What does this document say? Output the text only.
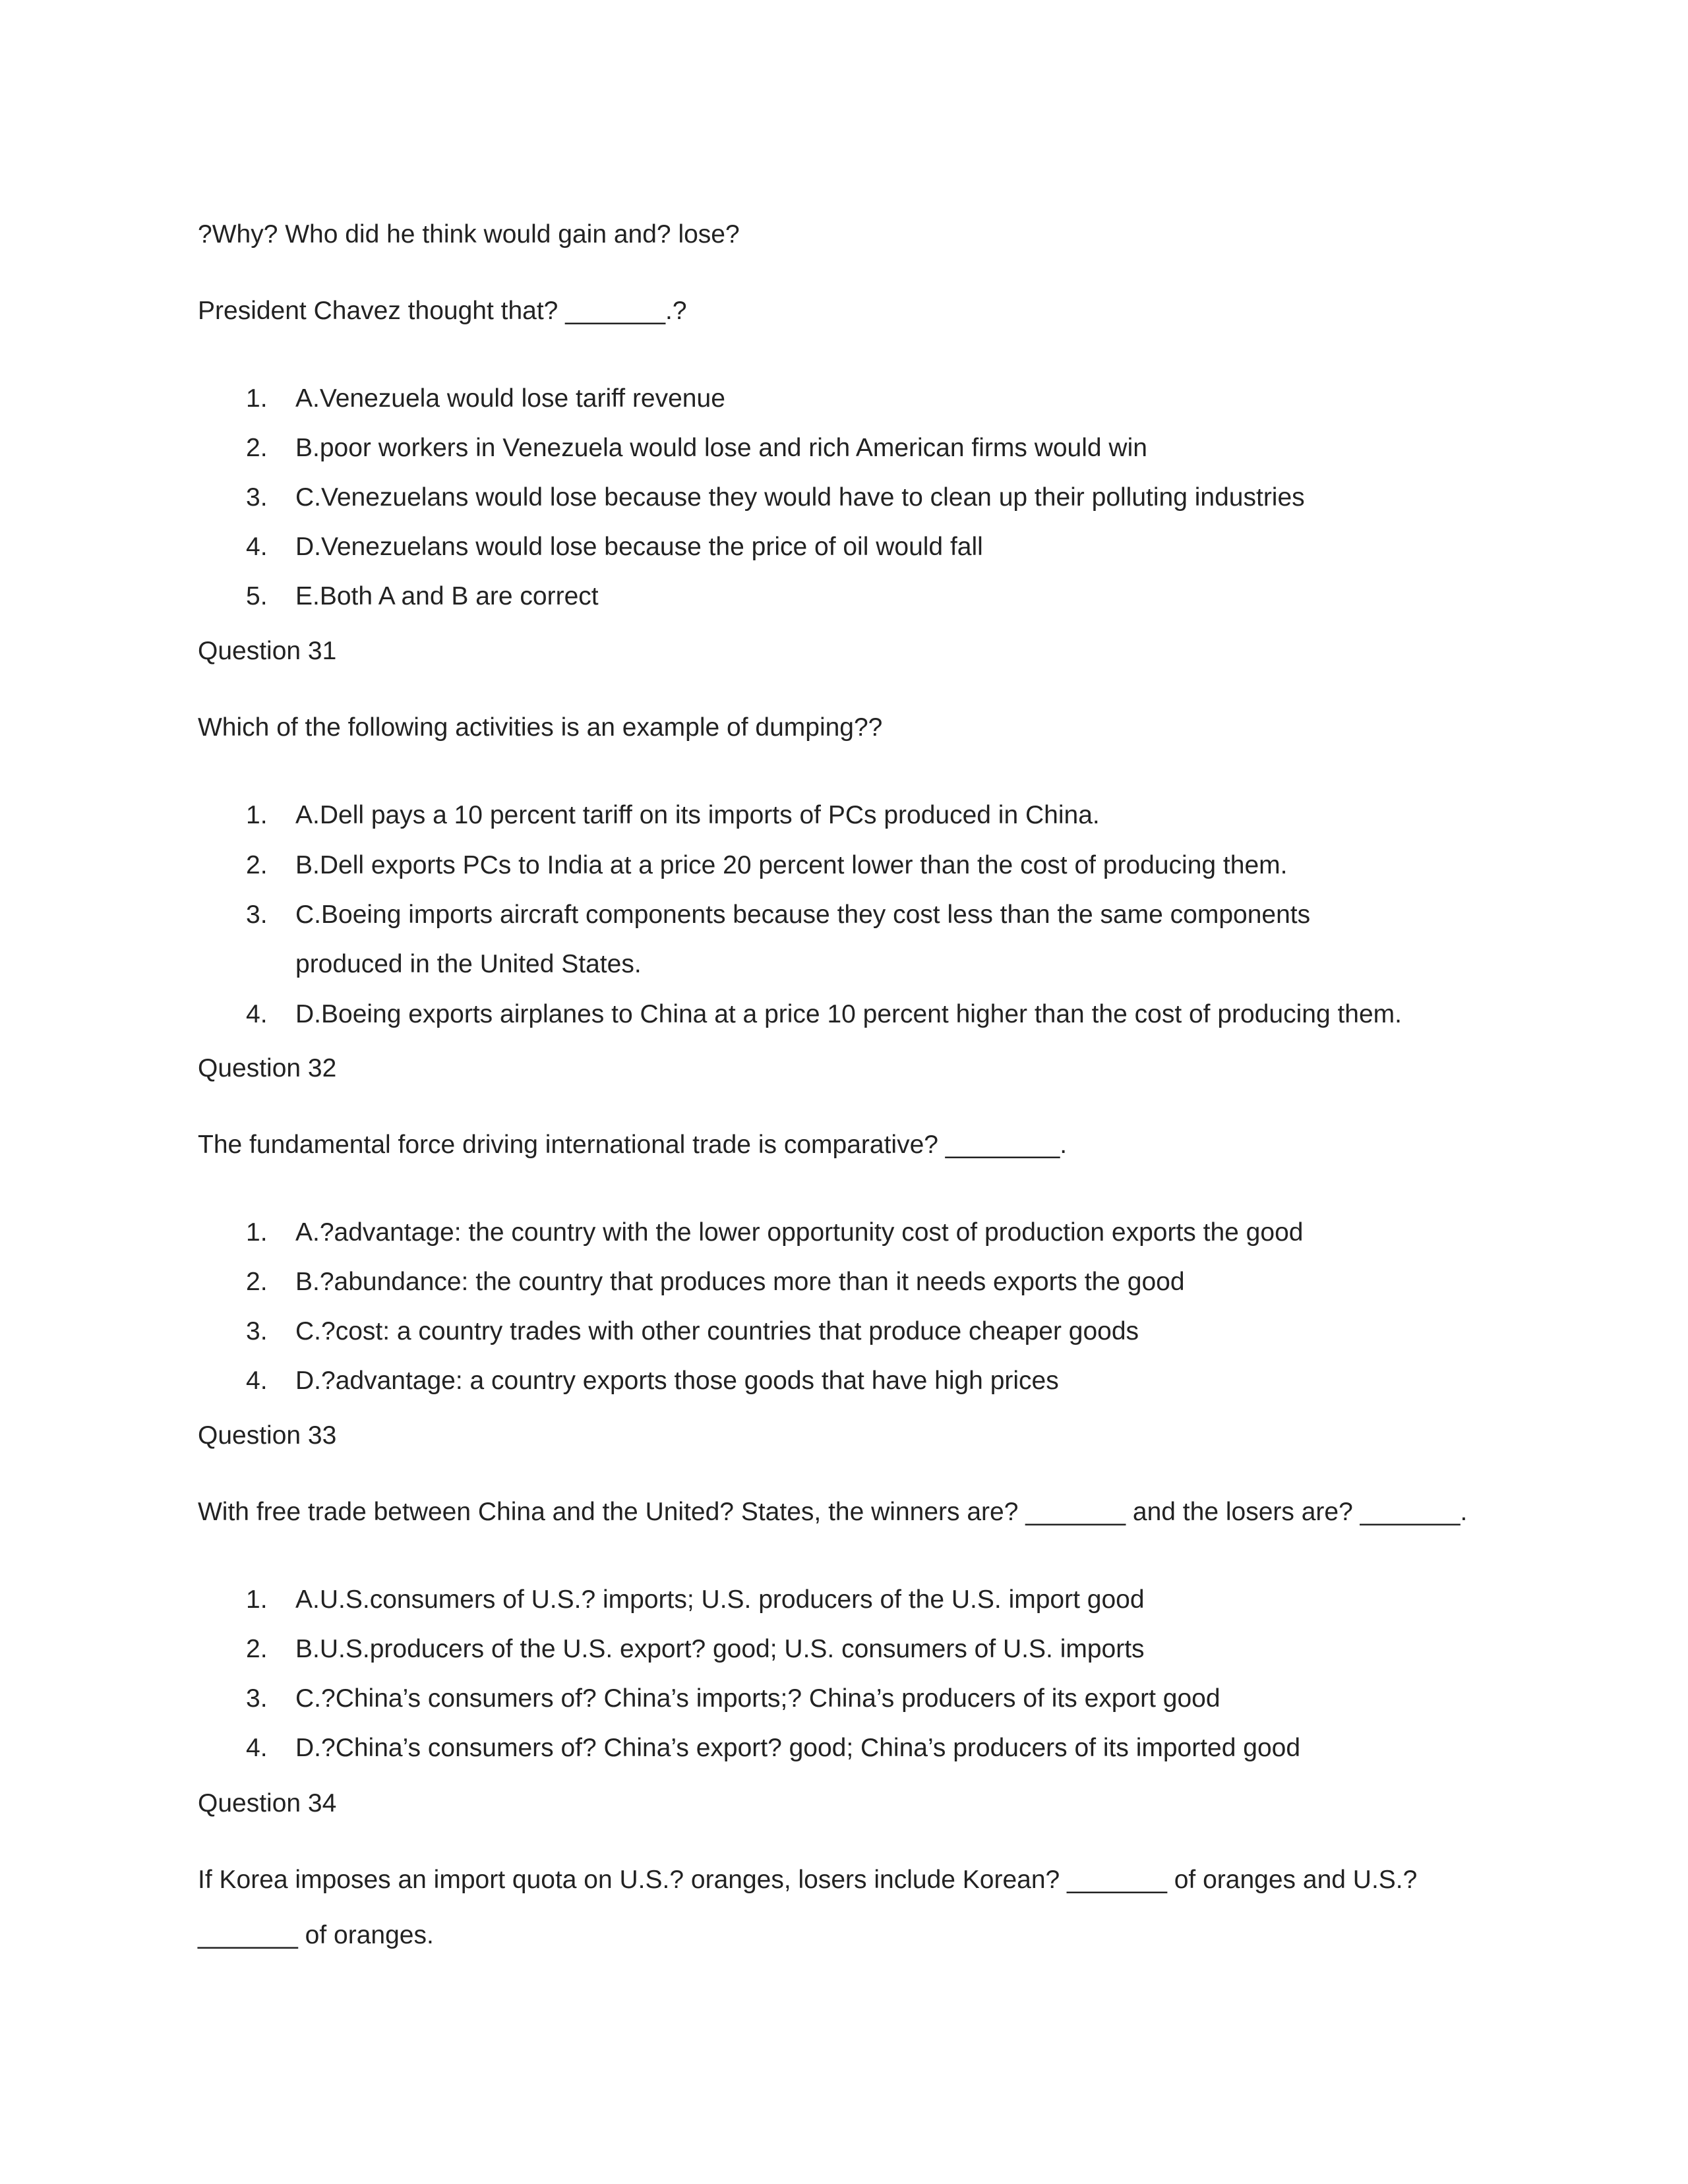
?Why? Who did he think would gain and? lose?
President Chavez thought that? _______.?
1. A.Venezuela would lose tariff revenue
2. B.poor workers in Venezuela would lose and rich American firms would win
3. C.Venezuelans would lose because they would have to clean up their polluting industries
4. D.Venezuelans would lose because the price of oil would fall
5. E.Both A and B are correct
Question 31
Which of the following activities is an example of dumping??
1. A.Dell pays a 10 percent tariff on its imports of PCs produced in China.
2. B.Dell exports PCs to India at a price 20 percent lower than the cost of producing them.
3. C.Boeing imports aircraft components because they cost less than the same components
produced in the United States.
4. D.Boeing exports airplanes to China at a price 10 percent higher than the cost of producing them.
Question 32
The fundamental force driving international trade is comparative? ________.
1. A.?advantage: the country with the lower opportunity cost of production exports the good
2. B.?abundance: the country that produces more than it needs exports the good
3. C.?cost: a country trades with other countries that produce cheaper goods
4. D.?advantage: a country exports those goods that have high prices
Question 33
With free trade between China and the United? States, the winners are? _______ and the losers are? _______.
1. A.U.S.consumers of U.S.? imports; U.S. producers of the U.S. import good
2. B.U.S.producers of the U.S. export? good; U.S. consumers of U.S. imports
3. C.?China’s consumers of? China’s imports;? China’s producers of its export good
4. D.?China’s consumers of? China’s export? good; China’s producers of its imported good
Question 34
If Korea imposes an import quota on U.S.? oranges, losers include Korean? _______ of oranges and U.S.?
_______ of oranges.
